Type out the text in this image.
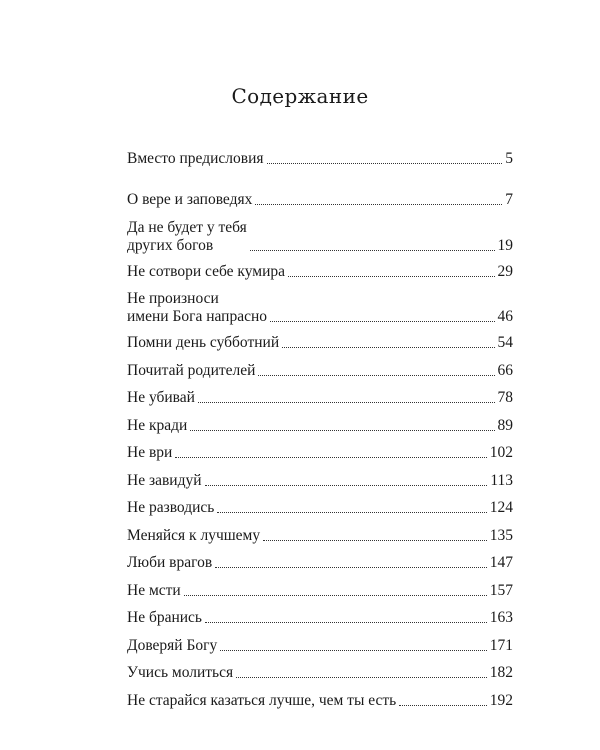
Содержание
Вместо предисловия	5
О вере и заповедях	7
Да не будет у тебя
других богов	19
Не сотвори себе кумира	29
Не произноси
имени Бога напрасно	46
Помни день субботний	54
Почитай родителей	66
Не убивай	78
Не кради	89
Не ври	102
Не завидуй	113
Не разводись	124
Меняйся к лучшему	135
Люби врагов	147
Не мсти	157
Не бранись	163
Доверяй Богу	171
Учись молиться	182
Не старайся казаться лучше, чем ты есть	192
